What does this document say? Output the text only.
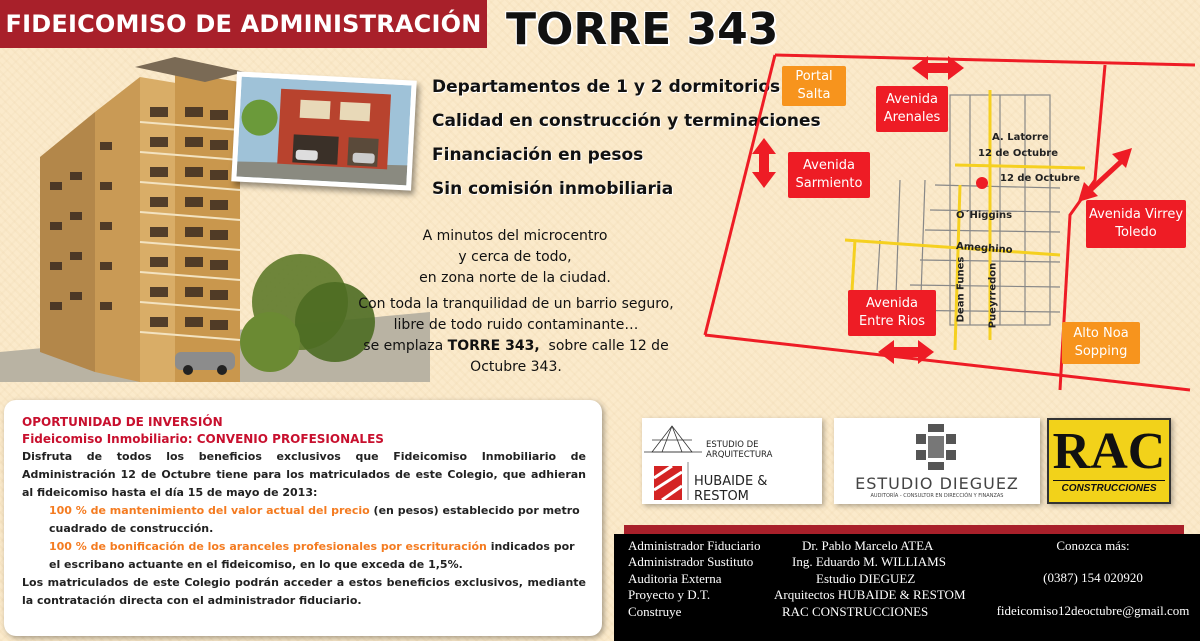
FIDEICOMISO DE ADMINISTRACIÓN TORRE 343
Departamentos de 1 y 2 dormitorios
Calidad en construcción y terminaciones
Financiación en pesos
Sin comisión inmobiliaria
A minutos del microcentro
y cerca de todo,
en zona norte de la ciudad.
Con toda la tranquilidad de un barrio seguro,
libre de todo ruido contaminante…
se emplaza TORRE 343,  sobre calle 12 de
Octubre 343.
Portal Salta	Avenida Arenales
Avenida Sarmiento
Avenida Virrey Toledo
Avenida Entre Rios
Alto Noa Sopping
A. Latorre
12 de Octubre
12 de Octubre
O´Higgins
Ameghino
Dean Funes Pueyrredon
OPORTUNIDAD DE INVERSIÓN
Fideicomiso Inmobiliario: CONVENIO PROFESIONALES
Disfruta de todos los beneficios exclusivos que Fideicomiso Inmobiliario de Administración 12 de Octubre tiene para los matriculados de este Colegio, que adhieran al fideicomiso hasta el día 15 de mayo de 2013:
100 % de mantenimiento del valor actual del precio (en pesos) establecido por metro cuadrado de construcción.
100 % de bonificación de los aranceles profesionales por escrituración indicados por el escribano actuante en el fideicomiso, en lo que exceda de 1,5%.
Los matriculados de este Colegio podrán acceder a estos beneficios exclusivos, mediante la contratación directa con el administrador fiduciario.
ESTUDIO DE ARQUITECTURA
HUBAIDE & RESTOM
ESTUDIO DIEGUEZ
AUDITORÍA - CONSULTOR EN DIRECCIÓN Y FINANZAS
RAC
CONSTRUCCIONES
Administrador Fiduciario
Administrador Sustituto
Auditoria Externa
Proyecto y D.T.
Construye
Dr. Pablo Marcelo ATEA
Ing. Eduardo M. WILLIAMS
Estudio DIEGUEZ
Arquitectos HUBAIDE & RESTOM
RAC CONSTRUCCIONES
Conozca más:
(0387) 154 020920
fideicomiso12deoctubre@gmail.com
